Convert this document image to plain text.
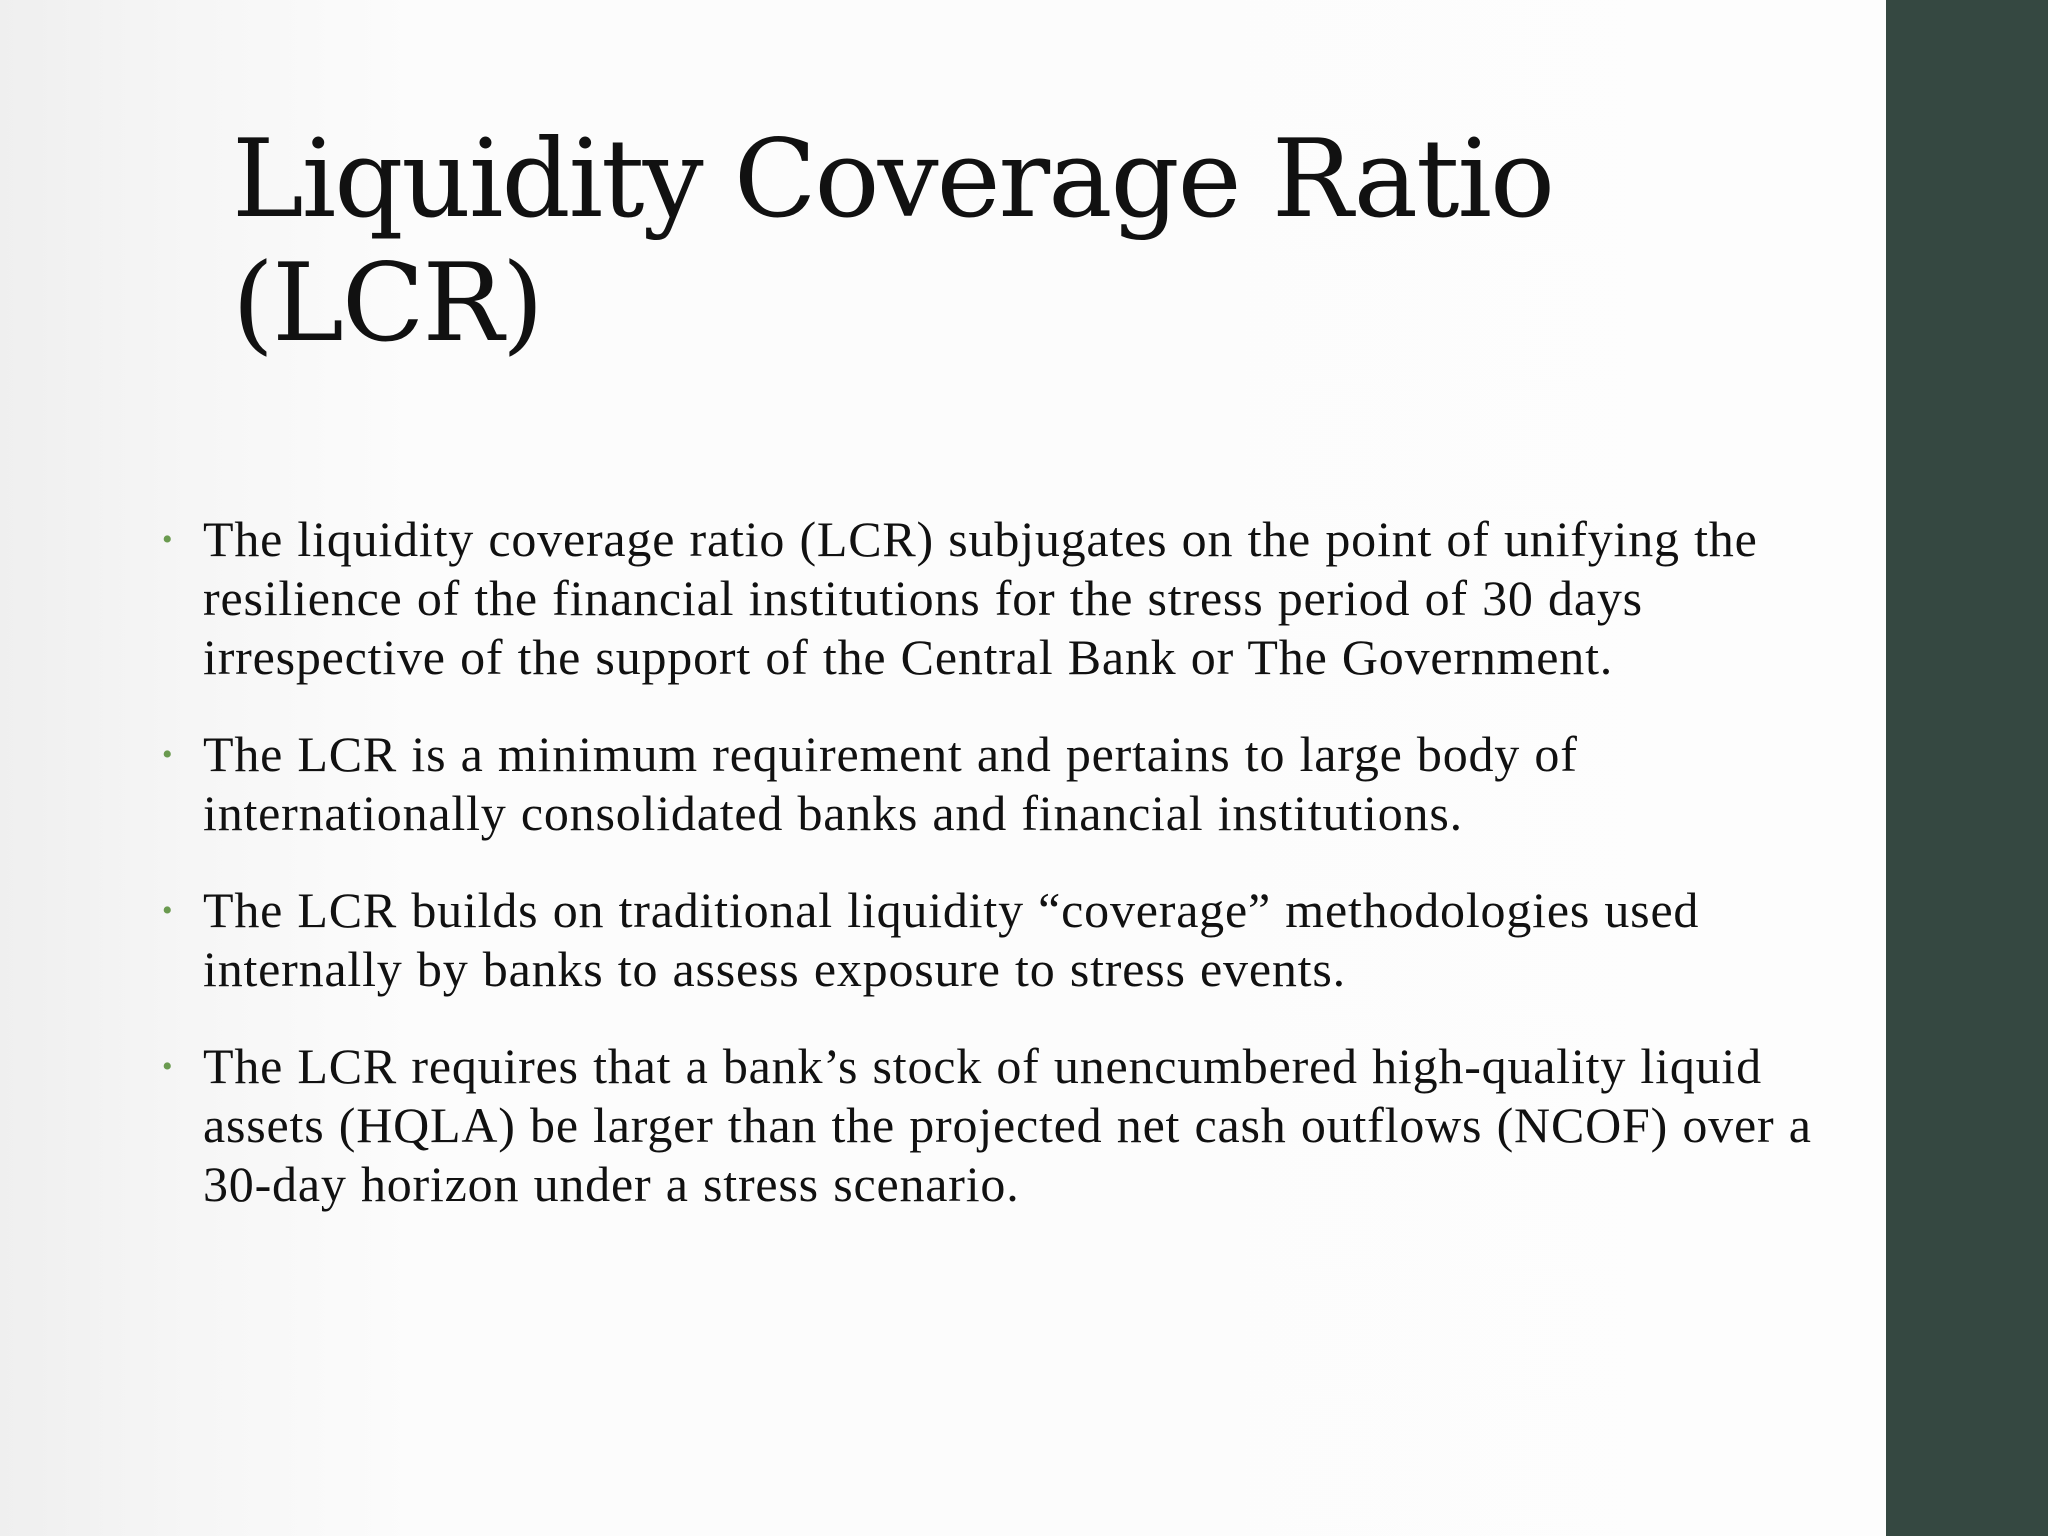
Liquidity Coverage Ratio (LCR)
• The liquidity coverage ratio (LCR) subjugates on the point of unifying the resilience of the financial institutions for the stress period of 30 days irrespective of the support of the Central Bank or The Government.
• The LCR is a minimum requirement and pertains to large body of internationally consolidated banks and financial institutions.
• The LCR builds on traditional liquidity “coverage” methodologies used internally by banks to assess exposure to stress events.
• The LCR requires that a bank’s stock of unencumbered high-quality liquid assets (HQLA) be larger than the projected net cash outflows (NCOF) over a 30-day horizon under a stress scenario.
